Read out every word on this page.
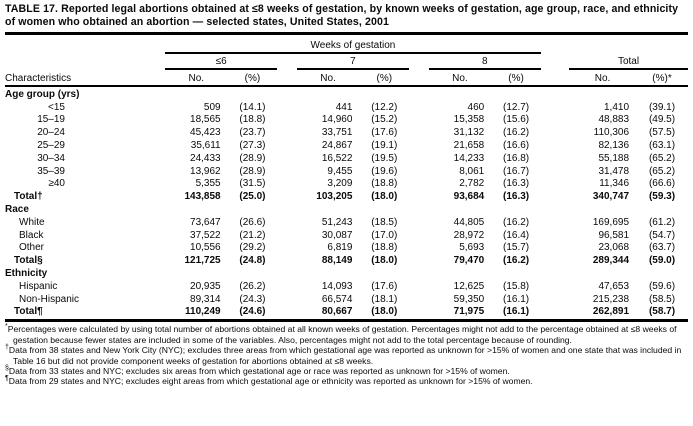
TABLE 17. Reported legal abortions obtained at ≤8 weeks of gestation, by known weeks of gestation, age group, race, and ethnicity of women who obtained an abortion — selected states, United States, 2001
	Weeks of gestation										
	≤6			7			8			Total	
Characteristics	No.	(%)		No.	(%)		No.	(%)		No.	(%)*
Age group (yrs)											
<15	509	(14.1)		441	(12.2)		460	(12.7)		1,410	(39.1)
15–19	18,565	(18.8)		14,960	(15.2)		15,358	(15.6)		48,883	(49.5)
20–24	45,423	(23.7)		33,751	(17.6)		31,132	(16.2)		110,306	(57.5)
25–29	35,611	(27.3)		24,867	(19.1)		21,658	(16.6)		82,136	(63.1)
30–34	24,433	(28.9)		16,522	(19.5)		14,233	(16.8)		55,188	(65.2)
35–39	13,962	(28.9)		9,455	(19.6)		8,061	(16.7)		31,478	(65.2)
≥40	5,355	(31.5)		3,209	(18.8)		2,782	(16.3)		11,346	(66.6)
Total†	143,858	(25.0)		103,205	(18.0)		93,684	(16.3)		340,747	(59.3)
Race											
White	73,647	(26.6)		51,243	(18.5)		44,805	(16.2)		169,695	(61.2)
Black	37,522	(21.2)		30,087	(17.0)		28,972	(16.4)		96,581	(54.7)
Other	10,556	(29.2)		6,819	(18.8)		5,693	(15.7)		23,068	(63.7)
Total§	121,725	(24.8)		88,149	(18.0)		79,470	(16.2)		289,344	(59.0)
Ethnicity											
Hispanic	20,935	(26.2)		14,093	(17.6)		12,625	(15.8)		47,653	(59.6)
Non-Hispanic	89,314	(24.3)		66,574	(18.1)		59,350	(16.1)		215,238	(58.5)
Total¶	110,249	(24.6)		80,667	(18.0)		71,975	(16.1)		262,891	(58.7)
*Percentages were calculated by using total number of abortions obtained at all known weeks of gestation. Percentages might not add to the percentage obtained at ≤8 weeks of gestation because fewer states are included in some of the variables. Also, percentages might not add to the total percentage because of rounding.
†Data from 38 states and New York City (NYC); excludes three areas from which gestational age was reported as unknown for >15% of women and one state that was included in Table 16 but did not provide component weeks of gestation for abortions obtained at ≤8 weeks.
§Data from 33 states and NYC; excludes six areas from which gestational age or race was reported as unknown for >15% of women.
¶Data from 29 states and NYC; excludes eight areas from which gestational age or ethnicity was reported as unknown for >15% of women.
